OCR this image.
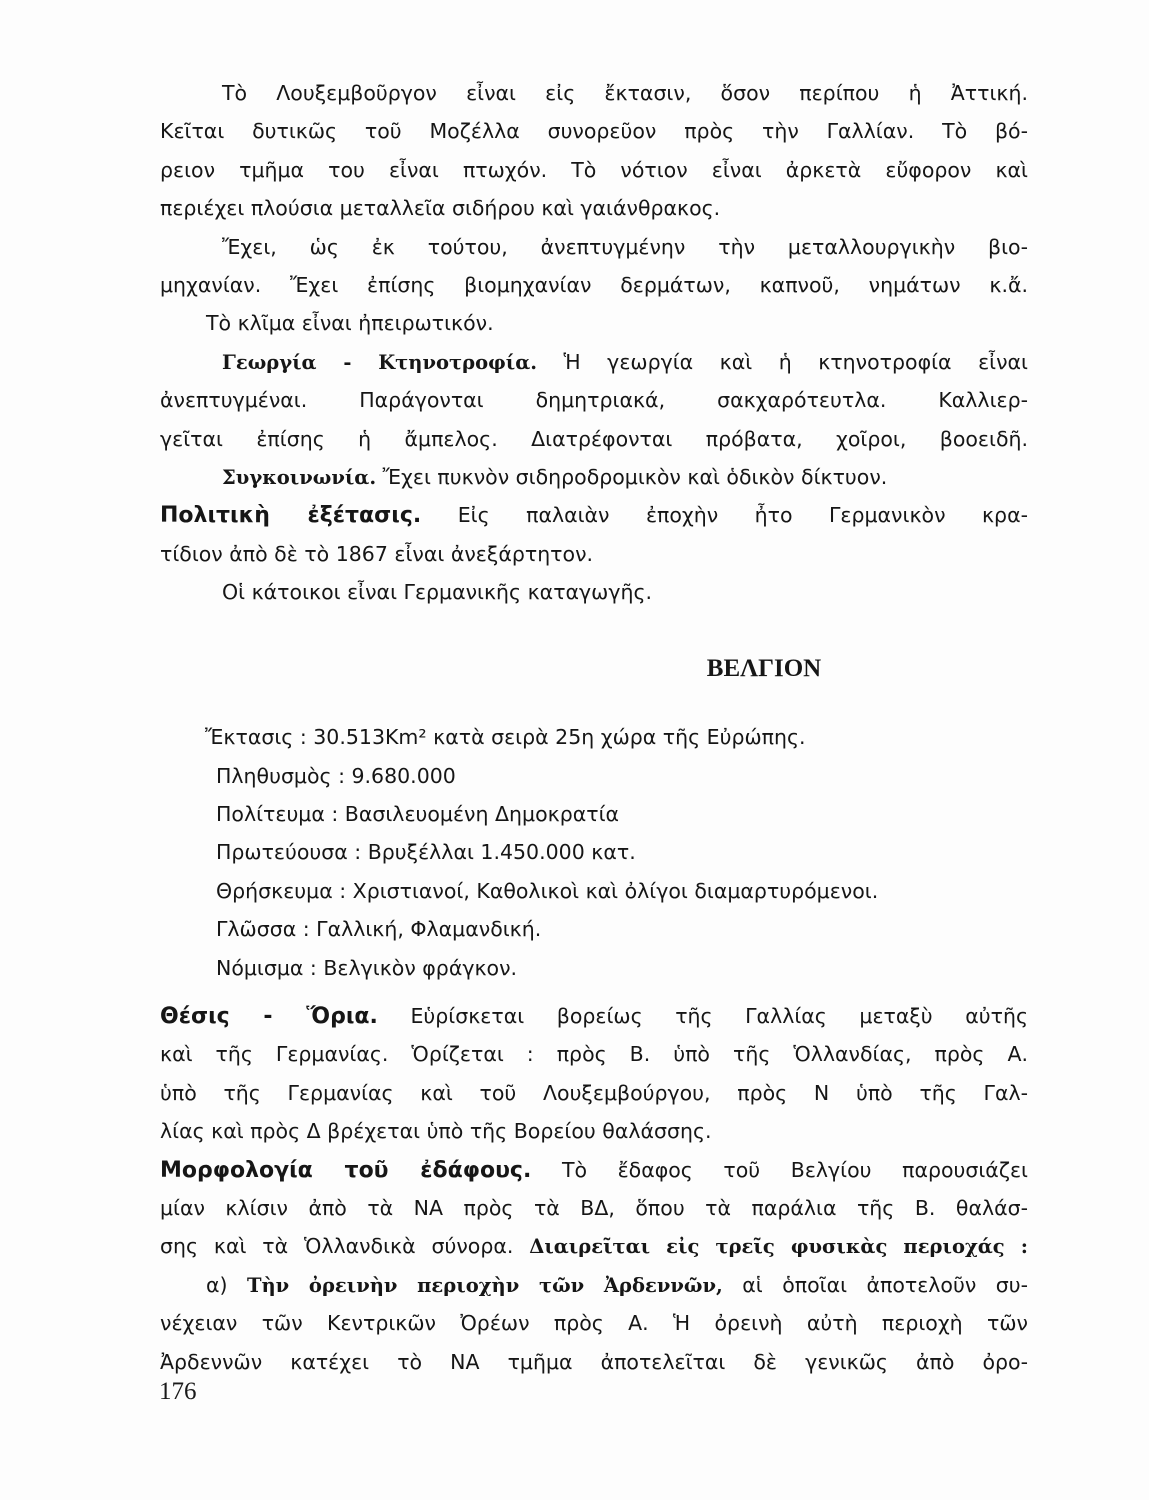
Τὸ Λουξεμβοῦργον εἶναι εἰς ἔκτασιν, ὅσον περίπου ἡ Ἀττική.
Κεῖται δυτικῶς τοῦ Μοζέλλα συνορεῦον πρὸς τὴν Γαλλίαν. Τὸ βό-
ρειον τμῆμα του εἶναι πτωχόν. Τὸ νότιον εἶναι ἀρκετὰ εὔφορον καὶ
περιέχει πλούσια μεταλλεῖα σιδήρου καὶ γαιάνθρακος.
Ἔχει, ὡς ἐκ τούτου, ἀνεπτυγμένην τὴν μεταλλουργικὴν βιο-
μηχανίαν. Ἔχει ἐπίσης βιομηχανίαν δερμάτων, καπνοῦ, νημάτων κ.ἄ.
Τὸ κλῖμα εἶναι ἠπειρωτικόν.
Γεωργία - Κτηνοτροφία. Ἡ γεωργία καὶ ἡ κτηνοτροφία εἶναι
ἀνεπτυγμέναι. Παράγονται δημητριακά, σακχαρότευτλα. Καλλιερ-
γεῖται ἐπίσης ἡ ἄμπελος. Διατρέφονται πρόβατα, χοῖροι, βοοειδῆ.
Συγκοινωνία. Ἔχει πυκνὸν σιδηροδρομικὸν καὶ ὁδικὸν δίκτυον.
Πολιτικὴ ἐξέτασις. Εἰς παλαιὰν ἐποχὴν ἦτο Γερμανικὸν κρα-
τίδιον ἀπὸ δὲ τὸ 1867 εἶναι ἀνεξάρτητον.
Οἱ κάτοικοι εἶναι Γερμανικῆς καταγωγῆς.
ΒΕΛΓΙΟΝ
Ἔκτασις : 30.513Km² κατὰ σειρὰ 25η χώρα τῆς Εὐρώπης.
Πληθυσμὸς : 9.680.000
Πολίτευμα : Βασιλευομένη Δημοκρατία
Πρωτεύουσα : Βρυξέλλαι 1.450.000 κατ.
Θρήσκευμα : Χριστιανοί, Καθολικοὶ καὶ ὀλίγοι διαμαρτυρόμενοι.
Γλῶσσα : Γαλλική, Φλαμανδική.
Νόμισμα : Βελγικὸν φράγκον.
Θέσις - Ὅρια. Εὑρίσκεται βορείως τῆς Γαλλίας μεταξὺ αὐτῆς
καὶ τῆς Γερμανίας. Ὁρίζεται : πρὸς Β. ὑπὸ τῆς Ὁλλανδίας, πρὸς Α.
ὑπὸ τῆς Γερμανίας καὶ τοῦ Λουξεμβούργου, πρὸς Ν ὑπὸ τῆς Γαλ-
λίας καὶ πρὸς Δ βρέχεται ὑπὸ τῆς Βορείου θαλάσσης.
Μορφολογία τοῦ ἐδάφους. Τὸ ἔδαφος τοῦ Βελγίου παρουσιάζει
μίαν κλίσιν ἀπὸ τὰ ΝΑ πρὸς τὰ ΒΔ, ὅπου τὰ παράλια τῆς Β. θαλάσ-
σης καὶ τὰ Ὁλλανδικὰ σύνορα. Διαιρεῖται εἰς τρεῖς φυσικὰς περιοχάς :
α) Τὴν ὀρεινὴν περιοχὴν τῶν Ἀρδεννῶν, αἱ ὁποῖαι ἀποτελοῦν συ-
νέχειαν τῶν Κεντρικῶν Ὀρέων πρὸς Α. Ἡ ὀρεινὴ αὐτὴ περιοχὴ τῶν
Ἀρδεννῶν κατέχει τὸ ΝΑ τμῆμα ἀποτελεῖται δὲ γενικῶς ἀπὸ ὀρο-
176
